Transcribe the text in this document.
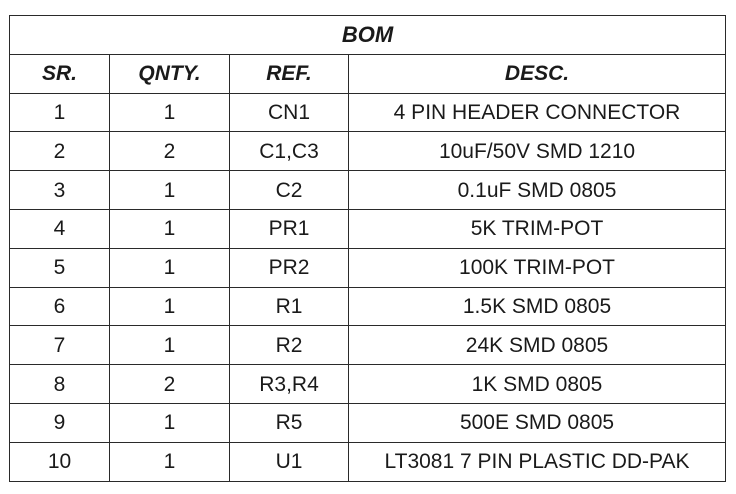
BOM			
SR.	QNTY.	REF.	DESC.
1	1	CN1	4 PIN HEADER CONNECTOR
2	2	C1,C3	10uF/50V SMD 1210
3	1	C2	0.1uF SMD 0805
4	1	PR1	5K TRIM-POT
5	1	PR2	100K TRIM-POT
6	1	R1	1.5K SMD 0805
7	1	R2	24K SMD 0805
8	2	R3,R4	1K SMD 0805
9	1	R5	500E SMD 0805
10	1	U1	LT3081 7 PIN PLASTIC DD-PAK
